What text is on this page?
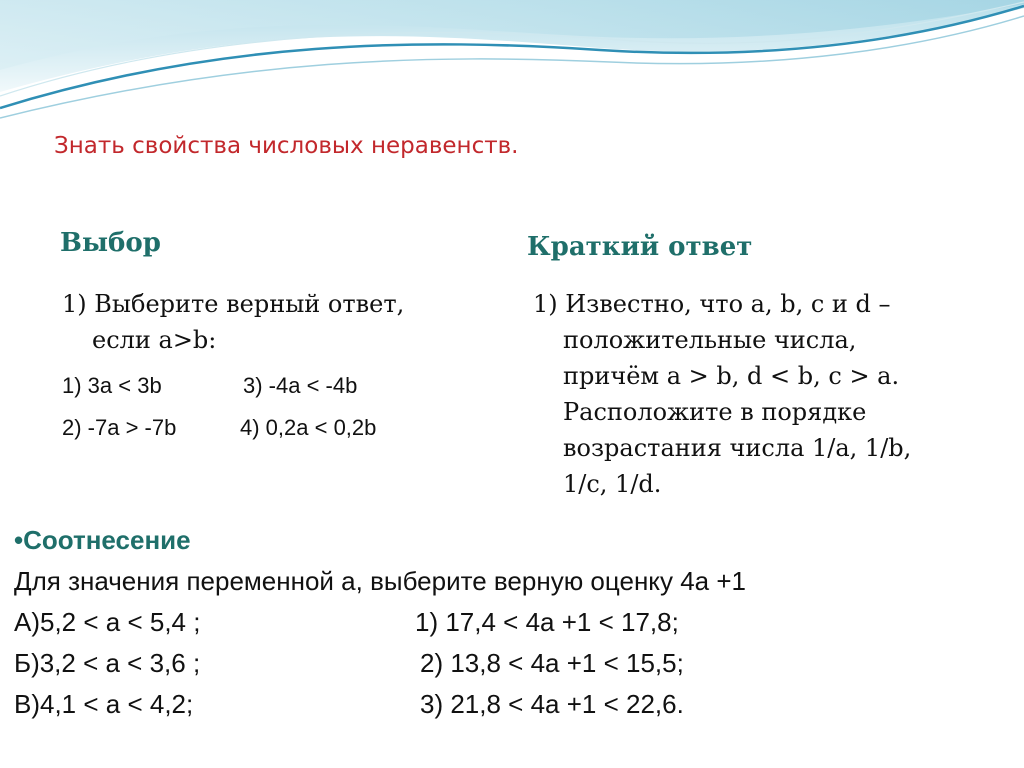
Знать свойства числовых неравенств.

Выбор	Краткий ответ

1) Выберите верный ответ,

если a>b:

1) 3a < 3b	3) -4a < -4b

2) -7a > -7b	4) 0,2a < 0,2b

1) Известно, что a, b, c и d –

положительные числа,

причём a > b, d < b, c > a.

Расположите в порядке

возрастания числа 1/a, 1/b,

1/c, 1/d.

•Соотнесение

Для значения переменной а, выберите верную оценку 4а +1

А)5,2 < a < 5,4 ;	1) 17,4 < 4a +1 < 17,8;

Б)3,2 < a < 3,6 ;	2) 13,8 < 4a +1 < 15,5;

В)4,1 < a < 4,2;	3) 21,8 < 4a +1 < 22,6.
